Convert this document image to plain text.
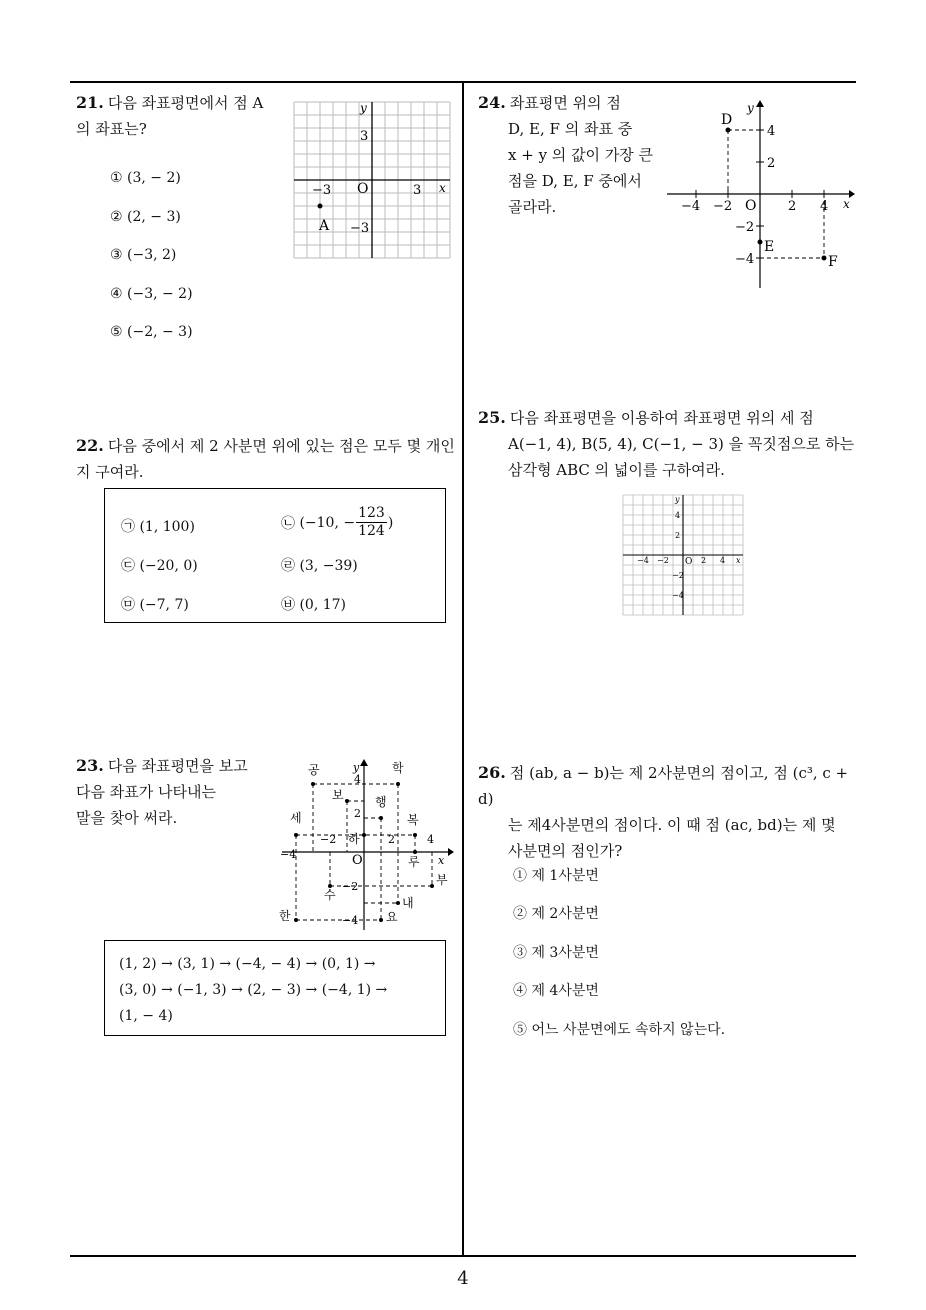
21. 다음 좌표평면에서 점 A
의 좌표는?
① (3, − 2)
② (2, − 3)
③ (−3, 2)
④ (−3, − 2)
⑤ (−2, − 3)
y
x
3
O
−3	3
−3
A
22. 다음 중에서 제 2 사분면 위에 있는 점은 모두 몇 개인
지 구여라.
㉠ (1, 100)	㉡
(−10, − $\frac{123}{124}$ )
㉢ (−20, 0)	㉣ (3, −39)
㉤ (−7, 7)	㉥ (0, 17)
23. 다음 좌표평면을 보고
다음 좌표가 나타내는
말을 찾아 써라.
y
x
O
4
2
−2
−4
−2	2	4
−4
공	학
보	행
세	복
하
루
부
수
내
한	요
(1, 2) → (3, 1) → (−4, − 4) → (0, 1) →
(3, 0) → (−1, 3) → (2, − 3) → (−4, 1) →
(1, − 4)
24. 좌표평면 위의 점
D, E, F 의 좌표 중
x + y 의 값이 가장 큰
점을 D, E, F 중에서
골라라.
y
x
O
−4 −2	2 4
4
2
−2
−4
D
E
F
25. 다음 좌표평면을 이용하여 좌표평면 위의 세 점
A(−1, 4), B(5, 4), C(−1, − 3) 을 꼭짓점으로 하는
삼각형 ABC 의 넓이를 구하여라.
y
x
O
−4 −2	2 4
4
2
−2
−4
26. 점 (ab, a − b)는 제 2사분면의 점이고, 점 (c³, c + d)
는 제4사분면의 점이다. 이 때 점 (ac, bd)는 제 몇
사분면의 점인가?
① 제 1사분면
② 제 2사분면
③ 제 3사분면
④ 제 4사분면
⑤ 어느 사분면에도 속하지 않는다.
4
